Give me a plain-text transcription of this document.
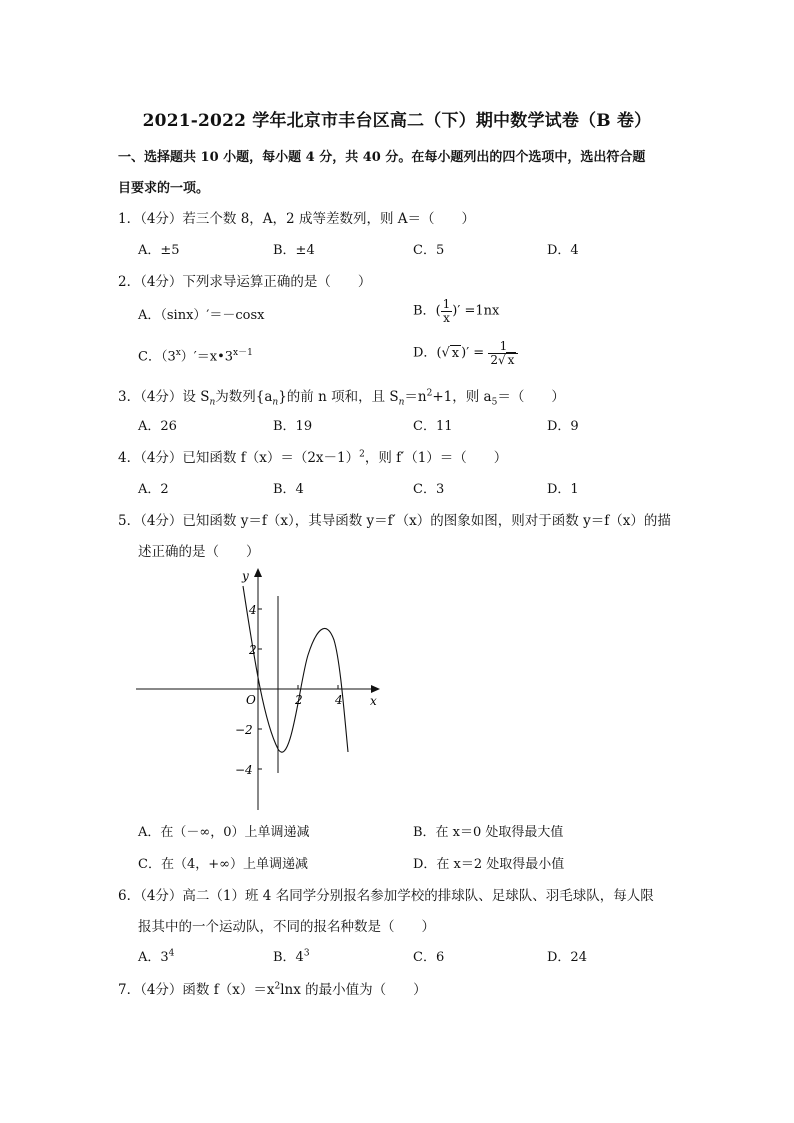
2021-2022 学年北京市丰台区高二（下）期中数学试卷（B 卷）
一、选择题共 10 小题，每小题 4 分，共 40 分。在每小题列出的四个选项中，选出符合题
目要求的一项。
1．（4分）若三个数 8，A，2 成等差数列，则 A＝（　　）
A．±5	B．±4	C．5	D．4
2．（4分）下列求导运算正确的是（　　）
A．（sinx）′＝－cosx	B．( $\frac{1}{x}$ )′ =1nx
C．$(3^x)'=x•3^{x-1}$	D．(√ x )′ = $\frac{1}{2√ x}$
3．（4分）设 $S_n$为数列$\{a_n\}$的前 n 项和，且 $S_n=n^2+1$，则 $a_5=$（　　）
A．26	B．19	C．11	D．9
4．（4分）已知函数 $f(x)=(2x-1)^2$，则 f′（1）＝（　　）
A．2	B．4	C．3	D．1
5．（4分）已知函数 y＝f（x），其导函数 y＝f′（x）的图象如图，则对于函数 y＝f（x）的描
述正确的是（　　）
y
x
O	2	4
4
2
−2
−4
A．在（－∞，0）上单调递减	B．在 x＝0 处取得最大值
C．在（4，+∞）上单调递减	D．在 x＝2 处取得最小值
6．（4分）高二（1）班 4 名同学分别报名参加学校的排球队、足球队、羽毛球队，每人限
报其中的一个运动队，不同的报名种数是（　　）
A．$3^4$	B．$4^3$	C．6	D．24
7．（4分）函数 $f(x)=x^2\ln x$ 的最小值为（　　）
